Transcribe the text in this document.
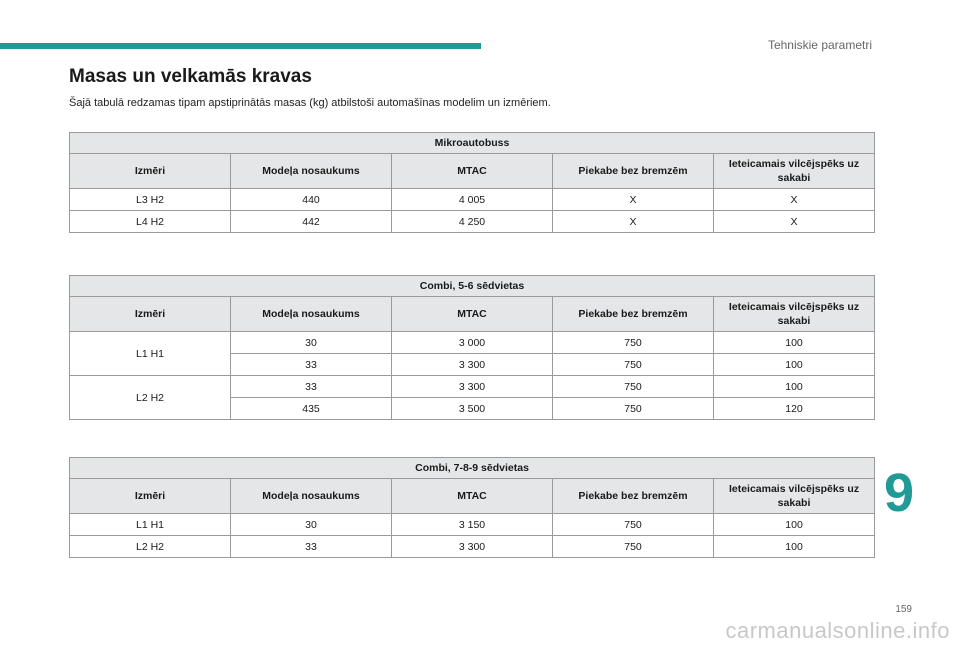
Tehniskie parametri
Masas un velkamās kravas
Šajā tabulā redzamas tipam apstiprinātās masas (kg) atbilstoši automašīnas modelim un izmēriem.
Mikroautobuss				
Izmēri	Modeļa nosaukums	MTAC	Piekabe bez bremzēm	Ieteicamais vilcējspēks uz sakabi
L3 H2	440	4 005	X	X
L4 H2	442	4 250	X	X
Combi, 5-6 sēdvietas				
Izmēri	Modeļa nosaukums	MTAC	Piekabe bez bremzēm	Ieteicamais vilcējspēks uz sakabi
L1 H1	30	3 000	750	100
	33	3 300	750	100
L2 H2	33	3 300	750	100
	435	3 500	750	120
Combi, 7-8-9 sēdvietas				
Izmēri	Modeļa nosaukums	MTAC	Piekabe bez bremzēm	Ieteicamais vilcējspēks uz sakabi
L1 H1	30	3 150	750	100
L2 H2	33	3 300	750	100
9
159
carmanualsonline.info
